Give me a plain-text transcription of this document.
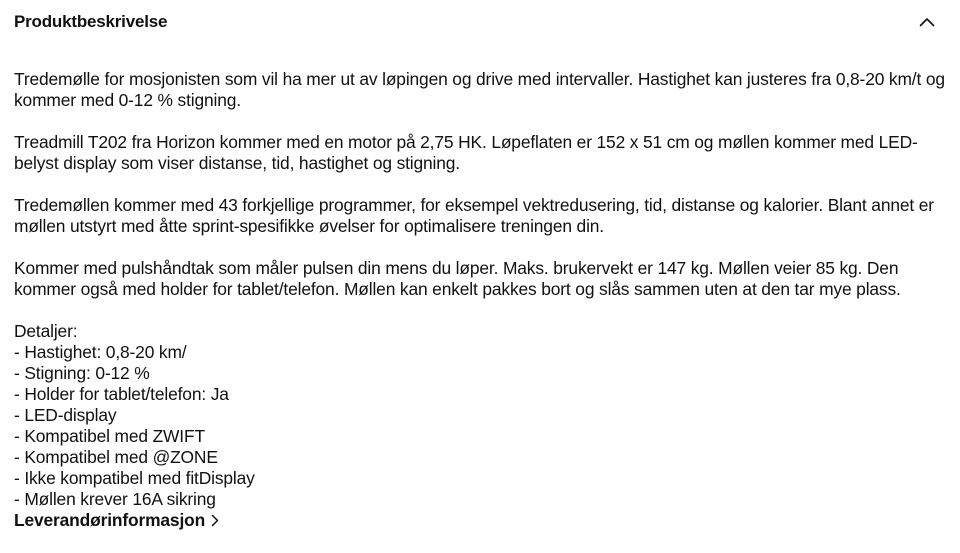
Produktbeskrivelse

Tredemølle for mosjonisten som vil ha mer ut av løpingen og drive med intervaller. Hastighet kan justeres fra 0,8-20 km/t og kommer med 0-12 % stigning.

Treadmill T202 fra Horizon kommer med en motor på 2,75 HK. Løpeflaten er 152 x 51 cm og møllen kommer med LED-belyst display som viser distanse, tid, hastighet og stigning.

Tredemøllen kommer med 43 forkjellige programmer, for eksempel vektredusering, tid, distanse og kalorier. Blant annet er møllen utstyrt med åtte sprint-spesifikke øvelser for optimalisere treningen din.

Kommer med pulshåndtak som måler pulsen din mens du løper. Maks. brukervekt er 147 kg. Møllen veier 85 kg. Den kommer også med holder for tablet/telefon. Møllen kan enkelt pakkes bort og slås sammen uten at den tar mye plass.

Detaljer:

- Hastighet: 0,8-20 km/
- Stigning: 0-12 %
- Holder for tablet/telefon: Ja
- LED-display
- Kompatibel med ZWIFT
- Kompatibel med @ZONE
- Ikke kompatibel med fitDisplay
- Møllen krever 16A sikring
Leverandørinformasjon
